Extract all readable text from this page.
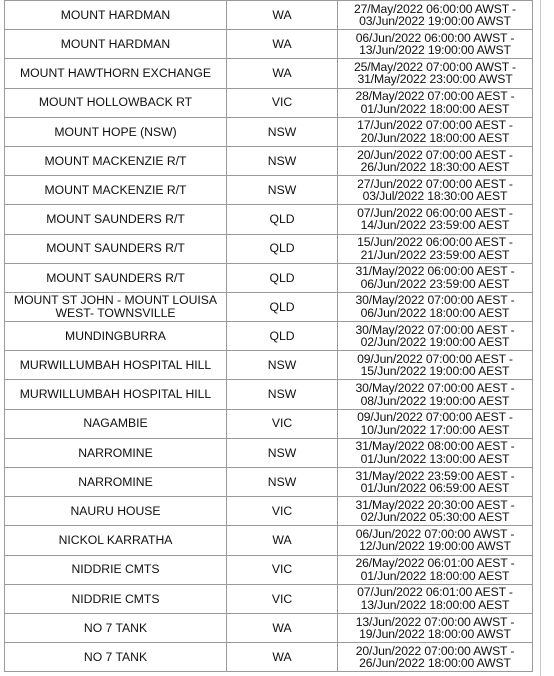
MOUNT HARDMAN	WA	27/May/2022 06:00:00 AWST -
03/Jun/2022 19:00:00 AWST

MOUNT HARDMAN	WA	06/Jun/2022 06:00:00 AWST -
13/Jun/2022 19:00:00 AWST

MOUNT HAWTHORN EXCHANGE	WA	25/May/2022 07:00:00 AWST -
31/May/2022 23:00:00 AWST

MOUNT HOLLOWBACK RT	VIC	28/May/2022 07:00:00 AEST -
01/Jun/2022 18:00:00 AEST

MOUNT HOPE (NSW)	NSW	17/Jun/2022 07:00:00 AEST -
20/Jun/2022 18:00:00 AEST

MOUNT MACKENZIE R/T	NSW	20/Jun/2022 07:00:00 AEST -
26/Jun/2022 18:30:00 AEST

MOUNT MACKENZIE R/T	NSW	27/Jun/2022 07:00:00 AEST -
03/Jul/2022 18:30:00 AEST

MOUNT SAUNDERS R/T	QLD	07/Jun/2022 06:00:00 AEST -
14/Jun/2022 23:59:00 AEST

MOUNT SAUNDERS R/T	QLD	15/Jun/2022 06:00:00 AEST -
21/Jun/2022 23:59:00 AEST

MOUNT SAUNDERS R/T	QLD	31/May/2022 06:00:00 AEST -
06/Jun/2022 23:59:00 AEST

MOUNT ST JOHN - MOUNT LOUISA
WEST- TOWNSVILLE	QLD	30/May/2022 07:00:00 AEST -
06/Jun/2022 18:00:00 AEST

MUNDINGBURRA	QLD	30/May/2022 07:00:00 AEST -
02/Jun/2022 19:00:00 AEST

MURWILLUMBAH HOSPITAL HILL	NSW	09/Jun/2022 07:00:00 AEST -
15/Jun/2022 19:00:00 AEST

MURWILLUMBAH HOSPITAL HILL	NSW	30/May/2022 07:00:00 AEST -
08/Jun/2022 19:00:00 AEST

NAGAMBIE	VIC	09/Jun/2022 07:00:00 AEST -
10/Jun/2022 17:00:00 AEST

NARROMINE	NSW	31/May/2022 08:00:00 AEST -
01/Jun/2022 13:00:00 AEST

NARROMINE	NSW	31/May/2022 23:59:00 AEST -
01/Jun/2022 06:59:00 AEST

NAURU HOUSE	VIC	31/May/2022 20:30:00 AEST -
02/Jun/2022 05:30:00 AEST

NICKOL KARRATHA	WA	06/Jun/2022 07:00:00 AWST -
12/Jun/2022 19:00:00 AWST

NIDDRIE CMTS	VIC	26/May/2022 06:01:00 AEST -
01/Jun/2022 18:00:00 AEST

NIDDRIE CMTS	VIC	07/Jun/2022 06:01:00 AEST -
13/Jun/2022 18:00:00 AEST

NO 7 TANK	WA	13/Jun/2022 07:00:00 AWST -
19/Jun/2022 18:00:00 AWST

NO 7 TANK	WA	20/Jun/2022 07:00:00 AWST -
26/Jun/2022 18:00:00 AWST
